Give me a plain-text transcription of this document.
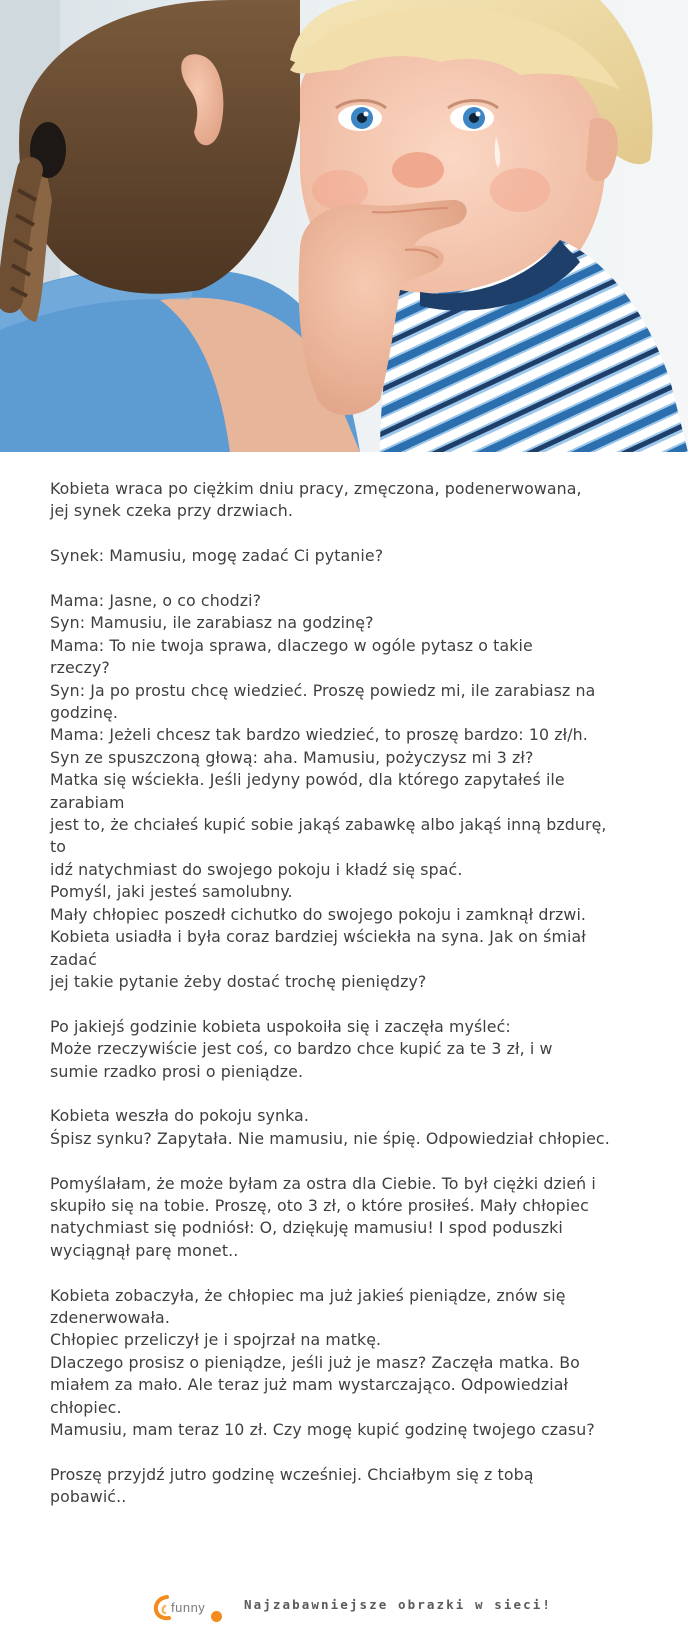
Kobieta wraca po ciężkim dniu pracy, zmęczona, podenerwowana,
jej synek czeka przy drzwiach.
Synek: Mamusiu, mogę zadać Ci pytanie?
Mama: Jasne, o co chodzi?
Syn: Mamusiu, ile zarabiasz na godzinę?
Mama: To nie twoja sprawa, dlaczego w ogóle pytasz o takie
rzeczy?
Syn: Ja po prostu chcę wiedzieć. Proszę powiedz mi, ile zarabiasz na
godzinę.
Mama: Jeżeli chcesz tak bardzo wiedzieć, to proszę bardzo: 10 zł/h.
Syn ze spuszczoną głową: aha. Mamusiu, pożyczysz mi 3 zł?
Matka się wściekła. Jeśli jedyny powód, dla którego zapytałeś ile
zarabiam
jest to, że chciałeś kupić sobie jakąś zabawkę albo jakąś inną bzdurę,
to
idź natychmiast do swojego pokoju i kładź się spać.
Pomyśl, jaki jesteś samolubny.
Mały chłopiec poszedł cichutko do swojego pokoju i zamknął drzwi.
Kobieta usiadła i była coraz bardziej wściekła na syna. Jak on śmiał
zadać
jej takie pytanie żeby dostać trochę pieniędzy?
Po jakiejś godzinie kobieta uspokoiła się i zaczęła myśleć:
Może rzeczywiście jest coś, co bardzo chce kupić za te 3 zł, i w
sumie rzadko prosi o pieniądze.
Kobieta weszła do pokoju synka.
Śpisz synku? Zapytała. Nie mamusiu, nie śpię. Odpowiedział chłopiec.
Pomyślałam, że może byłam za ostra dla Ciebie. To był ciężki dzień i
skupiło się na tobie. Proszę, oto 3 zł, o które prosiłeś. Mały chłopiec
natychmiast się podniósł: O, dziękuję mamusiu! I spod poduszki
wyciągnął parę monet..
Kobieta zobaczyła, że chłopiec ma już jakieś pieniądze, znów się
zdenerwowała.
Chłopiec przeliczył je i spojrzał na matkę.
Dlaczego prosisz o pieniądze, jeśli już je masz? Zaczęła matka. Bo
miałem za mało. Ale teraz już mam wystarczająco. Odpowiedział
chłopiec.
Mamusiu, mam teraz 10 zł. Czy mogę kupić godzinę twojego czasu?
Proszę przyjdź jutro godzinę wcześniej. Chciałbym się z tobą
pobawić..
funny	Najzabawniejsze obrazki w sieci!
